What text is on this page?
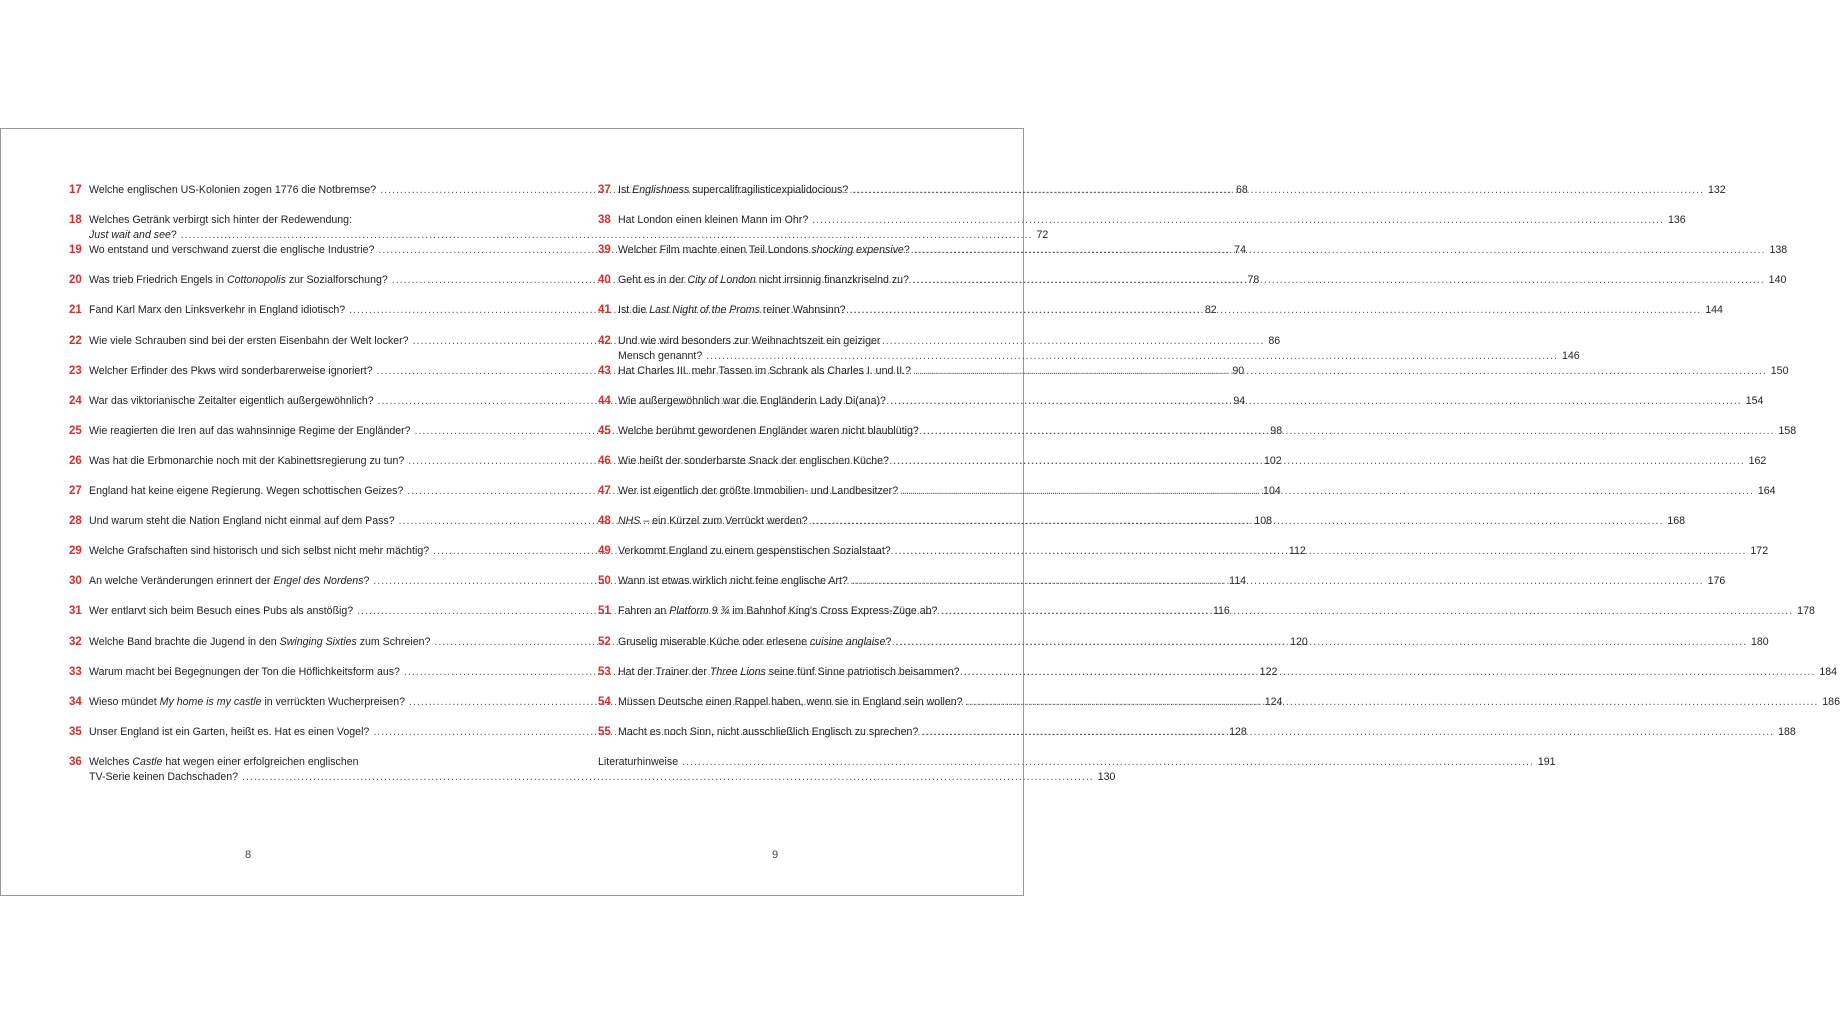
17 Welche englischen US-Kolonien zogen 1776 die Notbremse? .....	68
18 Welches Getränk verbirgt sich hinter der Redewendung:
Just wait and see? .....	72
19 Wo entstand und verschwand zuerst die englische Industrie? .....	74
20 Was trieb Friedrich Engels in Cottonopolis zur Sozialforschung? .....	78
21 Fand Karl Marx den Linksverkehr in England idiotisch? .....	82
22 Wie viele Schrauben sind bei der ersten Eisenbahn der Welt locker? .....	86
23 Welcher Erfinder des Pkws wird sonderbarerweise ignoriert? .....	90
24 War das viktorianische Zeitalter eigentlich außergewöhnlich? .....	94
25 Wie reagierten die Iren auf das wahnsinnige Regime der Engländer? .....	98
26 Was hat die Erbmonarchie noch mit der Kabinettsregierung zu tun? .....	102
27 England hat keine eigene Regierung. Wegen schottischen Geizes? .....	104
28 Und warum steht die Nation England nicht einmal auf dem Pass? .....	108
29 Welche Grafschaften sind historisch und sich selbst nicht mehr mächtig? .....	112
30 An welche Veränderungen erinnert der Engel des Nordens? .....	114
31 Wer entlarvt sich beim Besuch eines Pubs als anstößig? .....	116
32 Welche Band brachte die Jugend in den Swinging Sixties zum Schreien? .....	120
33 Warum macht bei Begegnungen der Ton die Höflichkeitsform aus? .....	122
34 Wieso mündet My home is my castle in verrückten Wucherpreisen? .....	124
35 Unser England ist ein Garten, heißt es. Hat es einen Vogel? .....	128
36 Welches Castle hat wegen einer erfolgreichen englischen
TV-Serie keinen Dachschaden? .....	130
8
37 Ist Englishness supercalifragilisticexpialidocious? .....	132
38 Hat London einen kleinen Mann im Ohr? .....	136
39 Welcher Film machte einen Teil Londons shocking expensive? .....	138
40 Geht es in der City of London nicht irrsinnig finanzkriselnd zu? .....	140
41 Ist die Last Night of the Proms reiner Wahnsinn? .....	144
42 Und wie wird besonders zur Weihnachtszeit ein geiziger
Mensch genannt? .....	146
43 Hat Charles III. mehr Tassen im Schrank als Charles I. und II.? .....	150
44 Wie außergewöhnlich war die Engländerin Lady Di(ana)? .....	154
45 Welche berühmt gewordenen Engländer waren nicht blaublütig? .....	158
46 Wie heißt der sonderbarste Snack der englischen Küche? .....	162
47 Wer ist eigentlich der größte Immobilien- und Landbesitzer? .....	164
48 NHS – ein Kürzel zum Verrückt werden? .....	168
49 Verkommt England zu einem gespenstischen Sozialstaat? .....	172
50 Wann ist etwas wirklich nicht feine englische Art? .....	176
51 Fahren an Platform 9 ¾ im Bahnhof King's Cross Express-Züge ab? .....	178
52 Gruselig miserable Küche oder erlesene cuisine anglaise? .....	180
53 Hat der Trainer der Three Lions seine fünf Sinne patriotisch beisammen? .....	184
54 Müssen Deutsche einen Rappel haben, wenn sie in England sein wollen? .....	186
55 Macht es noch Sinn, nicht ausschließlich Englisch zu sprechen? .....	188
Literaturhinweise .....	191
9
